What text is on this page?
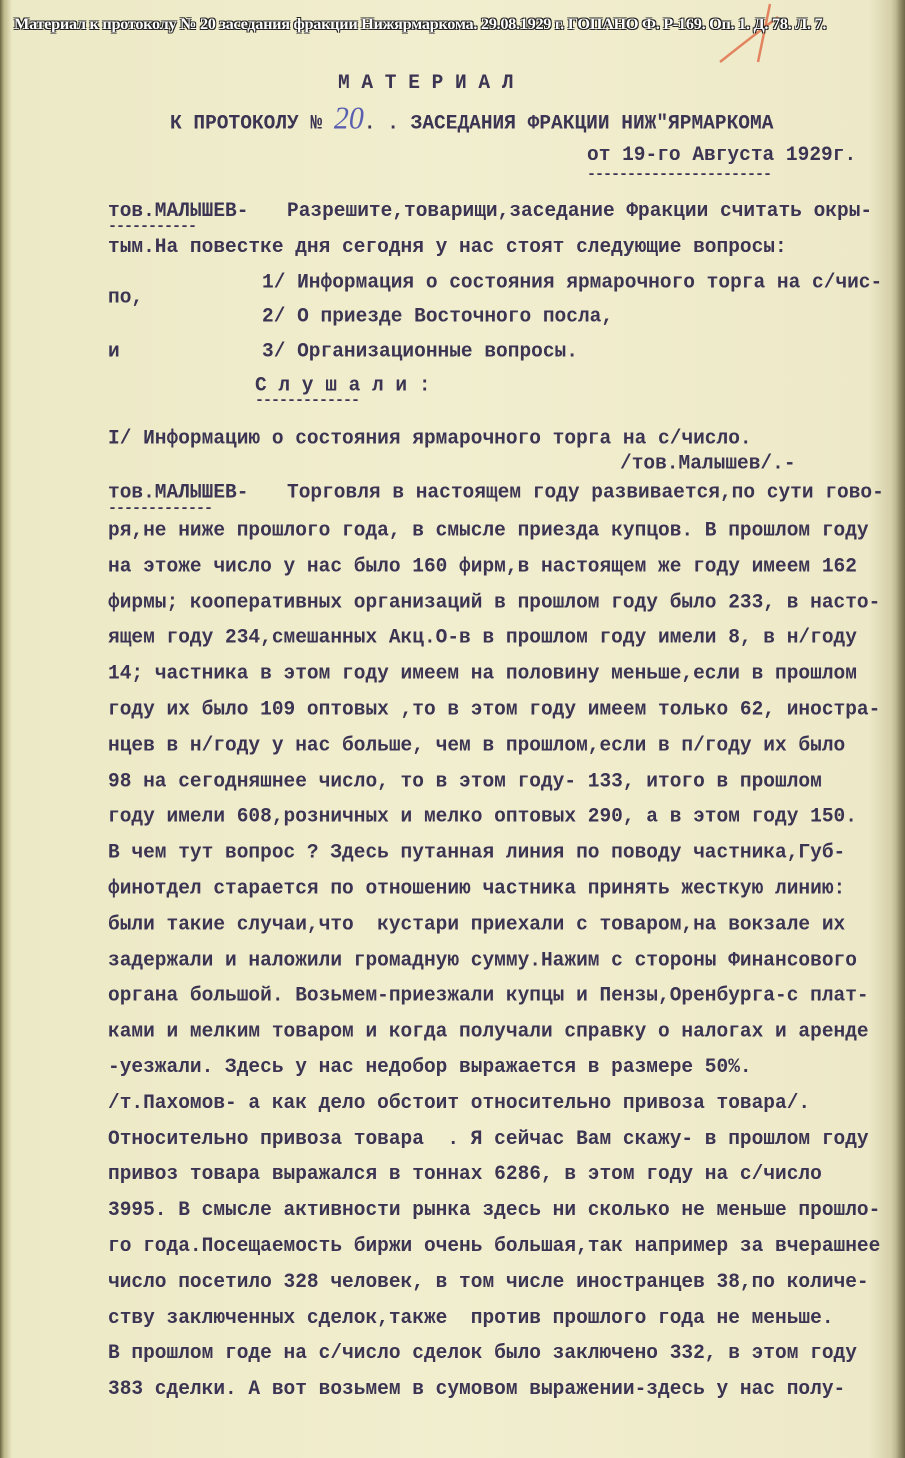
Материал к протоколу № 20 заседания фракции Нижярмаркома. 29.08.1929 г. ГОПАНО Ф. Р-169. Оп. 1. Д. 78. Л. 7.
М А Т Е Р И А Л
К ПРОТОКОЛУ № 20. . ЗАСЕДАНИЯ ФРАКЦИИ НИЖ"ЯРМАРКОМА
от 19-го Августа 1929г.
-----------------------
тов.МАЛЫШЕВ-
-----------
Разрешите,товарищи,заседание Фракции считать окры-
тым.На повестке дня сегодня у нас стоят следующие вопросы:
1/ Информация о состояния ярмарочного торга на с/чис-
по,
2/ О приезде Восточного посла,
и	3/ Организационные вопросы.
С л у ш а л и :
-------------
I/ Информацию о состояния ярмарочного торга на с/число.
/тов.Малышев/.-
тов.МАЛЫШЕВ-
-------------
Торговля в настоящем году развивается,по сути гово-
ря,не ниже прошлого года, в смысле приезда купцов. В прошлом году
на этоже число у нас было 160 фирм,в настоящем же году имеем 162
фирмы; кооперативных организаций в прошлом году было 233, в насто-
ящем году 234,смешанных Акц.О-в в прошлом году имели 8, в н/году
14; частника в этом году имеем на половину меньше,если в прошлом
году их было 109 оптовых ,то в этом году имеем только 62, иностра-
нцев в н/году у нас больше, чем в прошлом,если в п/году их было
98 на сегодняшнее число, то в этом году- 133, итого в прошлом
году имели 608,розничных и мелко оптовых 290, а в этом году 150.
В чем тут вопрос ? Здесь путанная линия по поводу частника,Губ-
финотдел старается по отношению частника принять жесткую линию:
были такие случаи,что  кустари приехали с товаром,на вокзале их
задержали и наложили громадную сумму.Нажим с стороны Финансового
органа большой. Возьмем-приезжали купцы и Пензы,Оренбурга-с плат-
ками и мелким товаром и когда получали справку о налогах и аренде
-уезжали. Здесь у нас недобор выражается в размере 50%.
/т.Пахомов- а как дело обстоит относительно привоза товара/.
Относительно привоза товара  . Я сейчас Вам скажу- в прошлом году
привоз товара выражался в тоннах 6286, в этом году на с/число
3995. В смысле активности рынка здесь ни сколько не меньше прошло-
го года.Посещаемость биржи очень большая,так например за вчерашнее
число посетило 328 человек, в том числе иностранцев 38,по количе-
ству заключенных сделок,также  против прошлого года не меньше.
В прошлом годе на с/число сделок было заключено 332, в этом году
383 сделки. А вот возьмем в сумовом выражении-здесь у нас полу-
